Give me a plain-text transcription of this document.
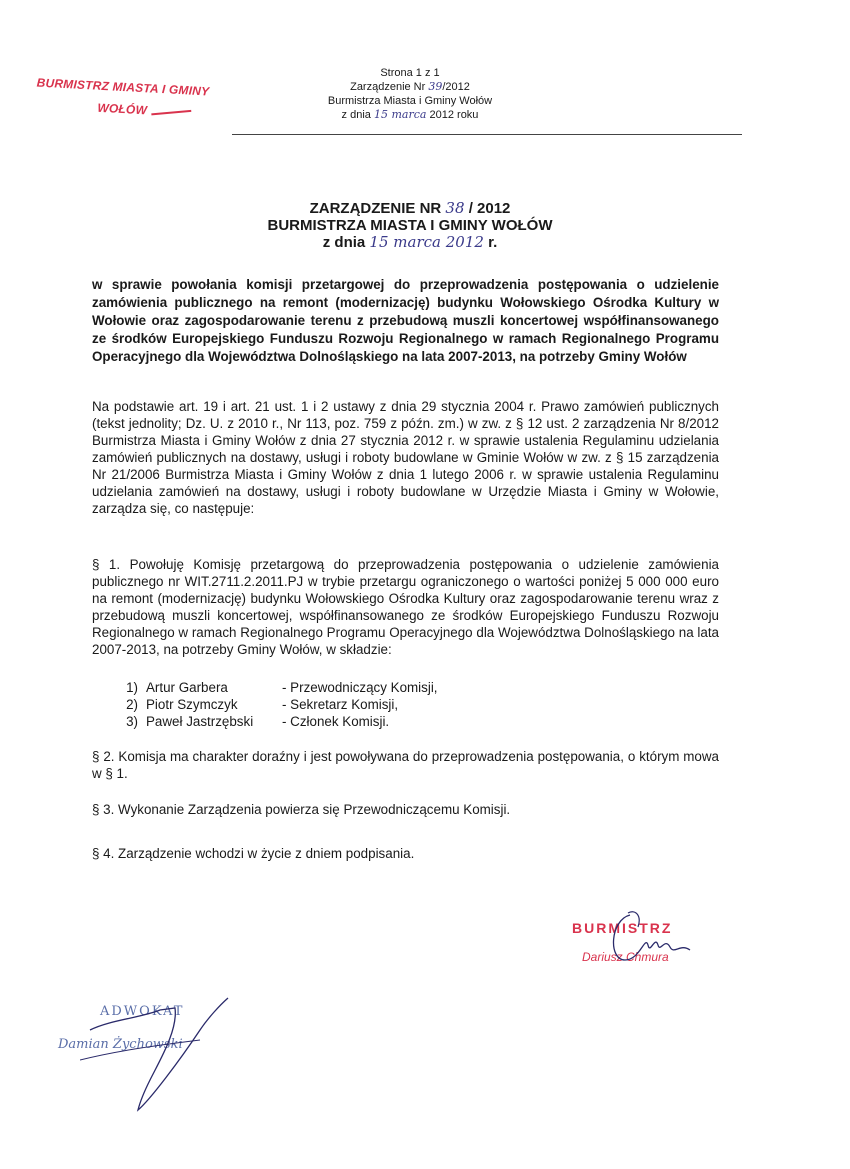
BURMISTRZ MIASTA I GMINY
WOŁÓW
Strona 1 z 1
Zarządzenie Nr 39/2012
Burmistrza Miasta i Gminy Wołów
z dnia 15 marca 2012 roku
ZARZĄDZENIE NR 38 / 2012
BURMISTRZA MIASTA I GMINY WOŁÓW
z dnia 15 marca 2012 r.
w sprawie powołania komisji przetargowej do przeprowadzenia postępowania o udzielenie zamówienia publicznego na remont (modernizację) budynku Wołowskiego Ośrodka Kultury w Wołowie oraz zagospodarowanie terenu z przebudową muszli koncertowej współfinansowanego ze środków Europejskiego Funduszu Rozwoju Regionalnego w ramach Regionalnego Programu Operacyjnego dla Województwa Dolnośląskiego na lata 2007-2013, na potrzeby Gminy Wołów
Na podstawie art. 19 i art. 21 ust. 1 i 2 ustawy z dnia 29 stycznia 2004 r. Prawo zamówień publicznych (tekst jednolity; Dz. U. z 2010 r., Nr 113, poz. 759 z późn. zm.) w zw. z § 12 ust. 2 zarządzenia Nr 8/2012 Burmistrza Miasta i Gminy Wołów z dnia 27 stycznia 2012 r. w sprawie ustalenia Regulaminu udzielania zamówień publicznych na dostawy, usługi i roboty budowlane w Gminie Wołów w zw. z § 15 zarządzenia Nr 21/2006 Burmistrza Miasta i Gminy Wołów z dnia 1 lutego 2006 r. w sprawie ustalenia Regulaminu udzielania zamówień na dostawy, usługi i roboty budowlane w Urzędzie Miasta i Gminy w Wołowie, zarządza się, co następuje:
§ 1. Powołuję Komisję przetargową do przeprowadzenia postępowania o udzielenie zamówienia publicznego nr WIT.2711.2.2011.PJ w trybie przetargu ograniczonego o wartości poniżej 5 000 000 euro na remont (modernizację) budynku Wołowskiego Ośrodka Kultury oraz zagospodarowanie terenu wraz z przebudową muszli koncertowej, współfinansowanego ze środków Europejskiego Funduszu Rozwoju Regionalnego w ramach Regionalnego Programu Operacyjnego dla Województwa Dolnośląskiego na lata 2007-2013, na potrzeby Gminy Wołów, w składzie:
1) Artur Garbera	- Przewodniczący Komisji,
2) Piotr Szymczyk	- Sekretarz Komisji,
3) Paweł Jastrzębski	- Członek Komisji.
§ 2. Komisja ma charakter doraźny i jest powoływana do przeprowadzenia postępowania, o którym mowa w § 1.
§ 3. Wykonanie Zarządzenia powierza się Przewodniczącemu Komisji.
§ 4. Zarządzenie wchodzi w życie z dniem podpisania.
BURMISTRZ
Dariusz Chmura
ADWOKAT
Damian Żychowski
